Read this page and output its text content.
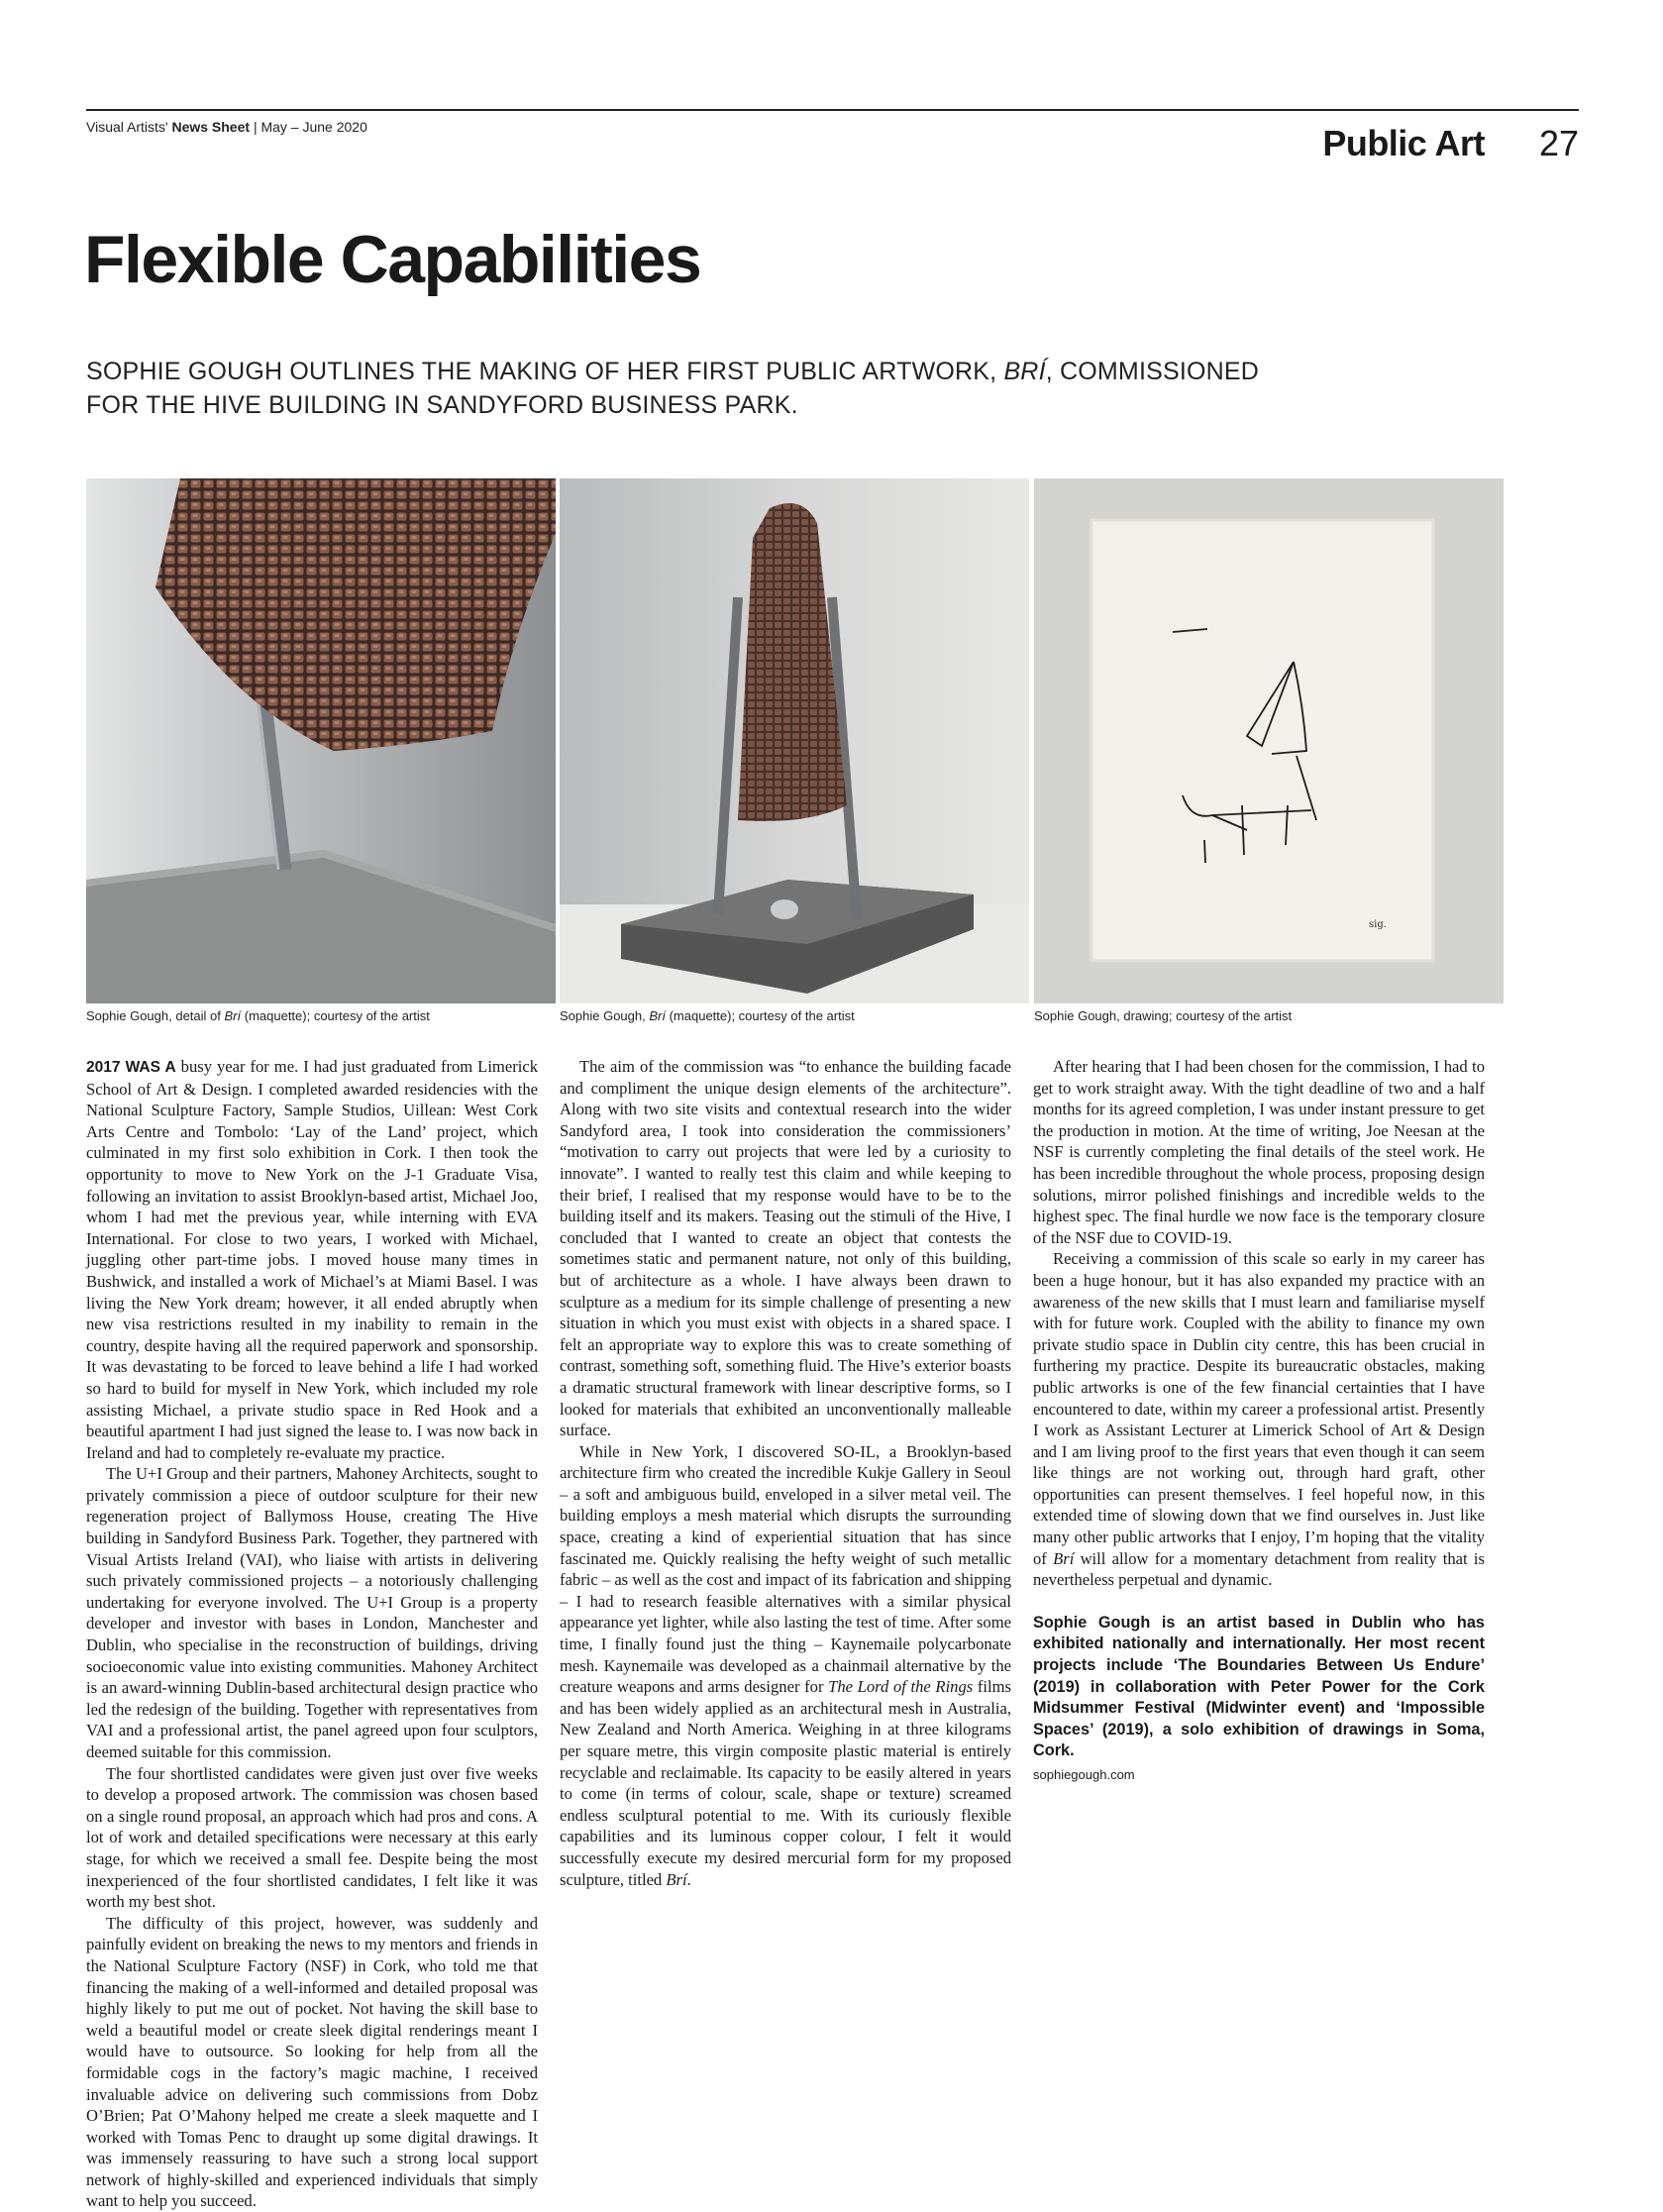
Visual Artists' News Sheet | May – June 2020	Public Art 27
Flexible Capabilities
SOPHIE GOUGH OUTLINES THE MAKING OF HER FIRST PUBLIC ARTWORK, BRÍ, COMMISSIONED FOR THE HIVE BUILDING IN SANDYFORD BUSINESS PARK.
sig.
Sophie Gough, detail of Brí (maquette); courtesy of the artist	Sophie Gough, Brí (maquette); courtesy of the artist	Sophie Gough, drawing; courtesy of the artist

2017 WAS A busy year for me. I had just graduated from Limerick School of Art & Design. I completed awarded residencies with the National Sculpture Factory, Sample Studios, Uillean: West Cork Arts Centre and Tombolo: ‘Lay of the Land’ project, which culminated in my first solo exhibition in Cork. I then took the opportunity to move to New York on the J-1 Graduate Visa, following an invitation to assist Brooklyn-based artist, Michael Joo, whom I had met the previous year, while interning with EVA International. For close to two years, I worked with Michael, juggling other part-time jobs. I moved house many times in Bushwick, and installed a work of Michael’s at Miami Basel. I was living the New York dream; however, it all ended abruptly when new visa restrictions resulted in my inability to remain in the country, despite having all the required paperwork and sponsorship. It was devastating to be forced to leave behind a life I had worked so hard to build for myself in New York, which included my role assisting Michael, a private studio space in Red Hook and a beautiful apartment I had just signed the lease to. I was now back in Ireland and had to completely re-evaluate my practice.

The U+I Group and their partners, Mahoney Architects, sought to privately commission a piece of outdoor sculpture for their new regeneration project of Ballymoss House, creating The Hive building in Sandyford Business Park. Together, they partnered with Visual Artists Ireland (VAI), who liaise with artists in delivering such privately commissioned projects – a notoriously challenging undertaking for everyone involved. The U+I Group is a property developer and investor with bases in London, Manchester and Dublin, who specialise in the reconstruction of buildings, driving socioeconomic value into existing communities. Mahoney Architect is an award-winning Dublin-based architectural design practice who led the redesign of the building. Together with representatives from VAI and a professional artist, the panel agreed upon four sculptors, deemed suitable for this commission.

The four shortlisted candidates were given just over five weeks to develop a proposed artwork. The commission was chosen based on a single round proposal, an approach which had pros and cons. A lot of work and detailed specifications were necessary at this early stage, for which we received a small fee. Despite being the most inexperienced of the four shortlisted candidates, I felt like it was worth my best shot.

The difficulty of this project, however, was suddenly and painfully evident on breaking the news to my mentors and friends in the National Sculpture Factory (NSF) in Cork, who told me that financing the making of a well-informed and detailed proposal was highly likely to put me out of pocket. Not having the skill base to weld a beautiful model or create sleek digital renderings meant I would have to outsource. So looking for help from all the formidable cogs in the factory’s magic machine, I received invaluable advice on delivering such commissions from Dobz O’Brien; Pat O’Mahony helped me create a sleek maquette and I worked with Tomas Penc to draught up some digital drawings. It was immensely reassuring to have such a strong local support network of highly-skilled and experienced individuals that simply want to help you succeed.

The aim of the commission was “to enhance the building facade and compliment the unique design elements of the architecture”. Along with two site visits and contextual research into the wider Sandyford area, I took into consideration the commissioners’ “motivation to carry out projects that were led by a curiosity to innovate”. I wanted to really test this claim and while keeping to their brief, I realised that my response would have to be to the building itself and its makers. Teasing out the stimuli of the Hive, I concluded that I wanted to create an object that contests the sometimes static and permanent nature, not only of this building, but of architecture as a whole. I have always been drawn to sculpture as a medium for its simple challenge of presenting a new situation in which you must exist with objects in a shared space. I felt an appropriate way to explore this was to create something of contrast, something soft, something fluid. The Hive’s exterior boasts a dramatic structural framework with linear descriptive forms, so I looked for materials that exhibited an unconventionally malleable surface.

While in New York, I discovered SO-IL, a Brooklyn-based architecture firm who created the incredible Kukje Gallery in Seoul – a soft and ambiguous build, enveloped in a silver metal veil. The building employs a mesh material which disrupts the surrounding space, creating a kind of experiential situation that has since fascinated me. Quickly realising the hefty weight of such metallic fabric – as well as the cost and impact of its fabrication and shipping – I had to research feasible alternatives with a similar physical appearance yet lighter, while also lasting the test of time. After some time, I finally found just the thing – Kaynemaile polycarbonate mesh. Kaynemaile was developed as a chainmail alternative by the creature weapons and arms designer for The Lord of the Rings films and has been widely applied as an architectural mesh in Australia, New Zealand and North America. Weighing in at three kilograms per square metre, this virgin composite plastic material is entirely recyclable and reclaimable. Its capacity to be easily altered in years to come (in terms of colour, scale, shape or texture) screamed endless sculptural potential to me. With its curiously flexible capabilities and its luminous copper colour, I felt it would successfully execute my desired mercurial form for my proposed sculpture, titled Brí.

After hearing that I had been chosen for the commission, I had to get to work straight away. With the tight deadline of two and a half months for its agreed completion, I was under instant pressure to get the production in motion. At the time of writing, Joe Neesan at the NSF is currently completing the final details of the steel work. He has been incredible throughout the whole process, proposing design solutions, mirror polished finishings and incredible welds to the highest spec. The final hurdle we now face is the temporary closure of the NSF due to COVID-19.

Receiving a commission of this scale so early in my career has been a huge honour, but it has also expanded my practice with an awareness of the new skills that I must learn and familiarise myself with for future work. Coupled with the ability to finance my own private studio space in Dublin city centre, this has been crucial in furthering my practice. Despite its bureaucratic obstacles, making public artworks is one of the few financial certainties that I have encountered to date, within my career a professional artist. Presently I work as Assistant Lecturer at Limerick School of Art & Design and I am living proof to the first years that even though it can seem like things are not working out, through hard graft, other opportunities can present themselves. I feel hopeful now, in this extended time of slowing down that we find ourselves in. Just like many other public artworks that I enjoy, I’m hoping that the vitality of Brí will allow for a momentary detachment from reality that is nevertheless perpetual and dynamic.

Sophie Gough is an artist based in Dublin who has exhibited nationally and internationally. Her most recent projects include ‘The Boundaries Between Us Endure’ (2019) in collaboration with Peter Power for the Cork Midsummer Festival (Midwinter event) and ‘Impossible Spaces’ (2019), a solo exhibition of drawings in Soma, Cork.

sophiegough.com
